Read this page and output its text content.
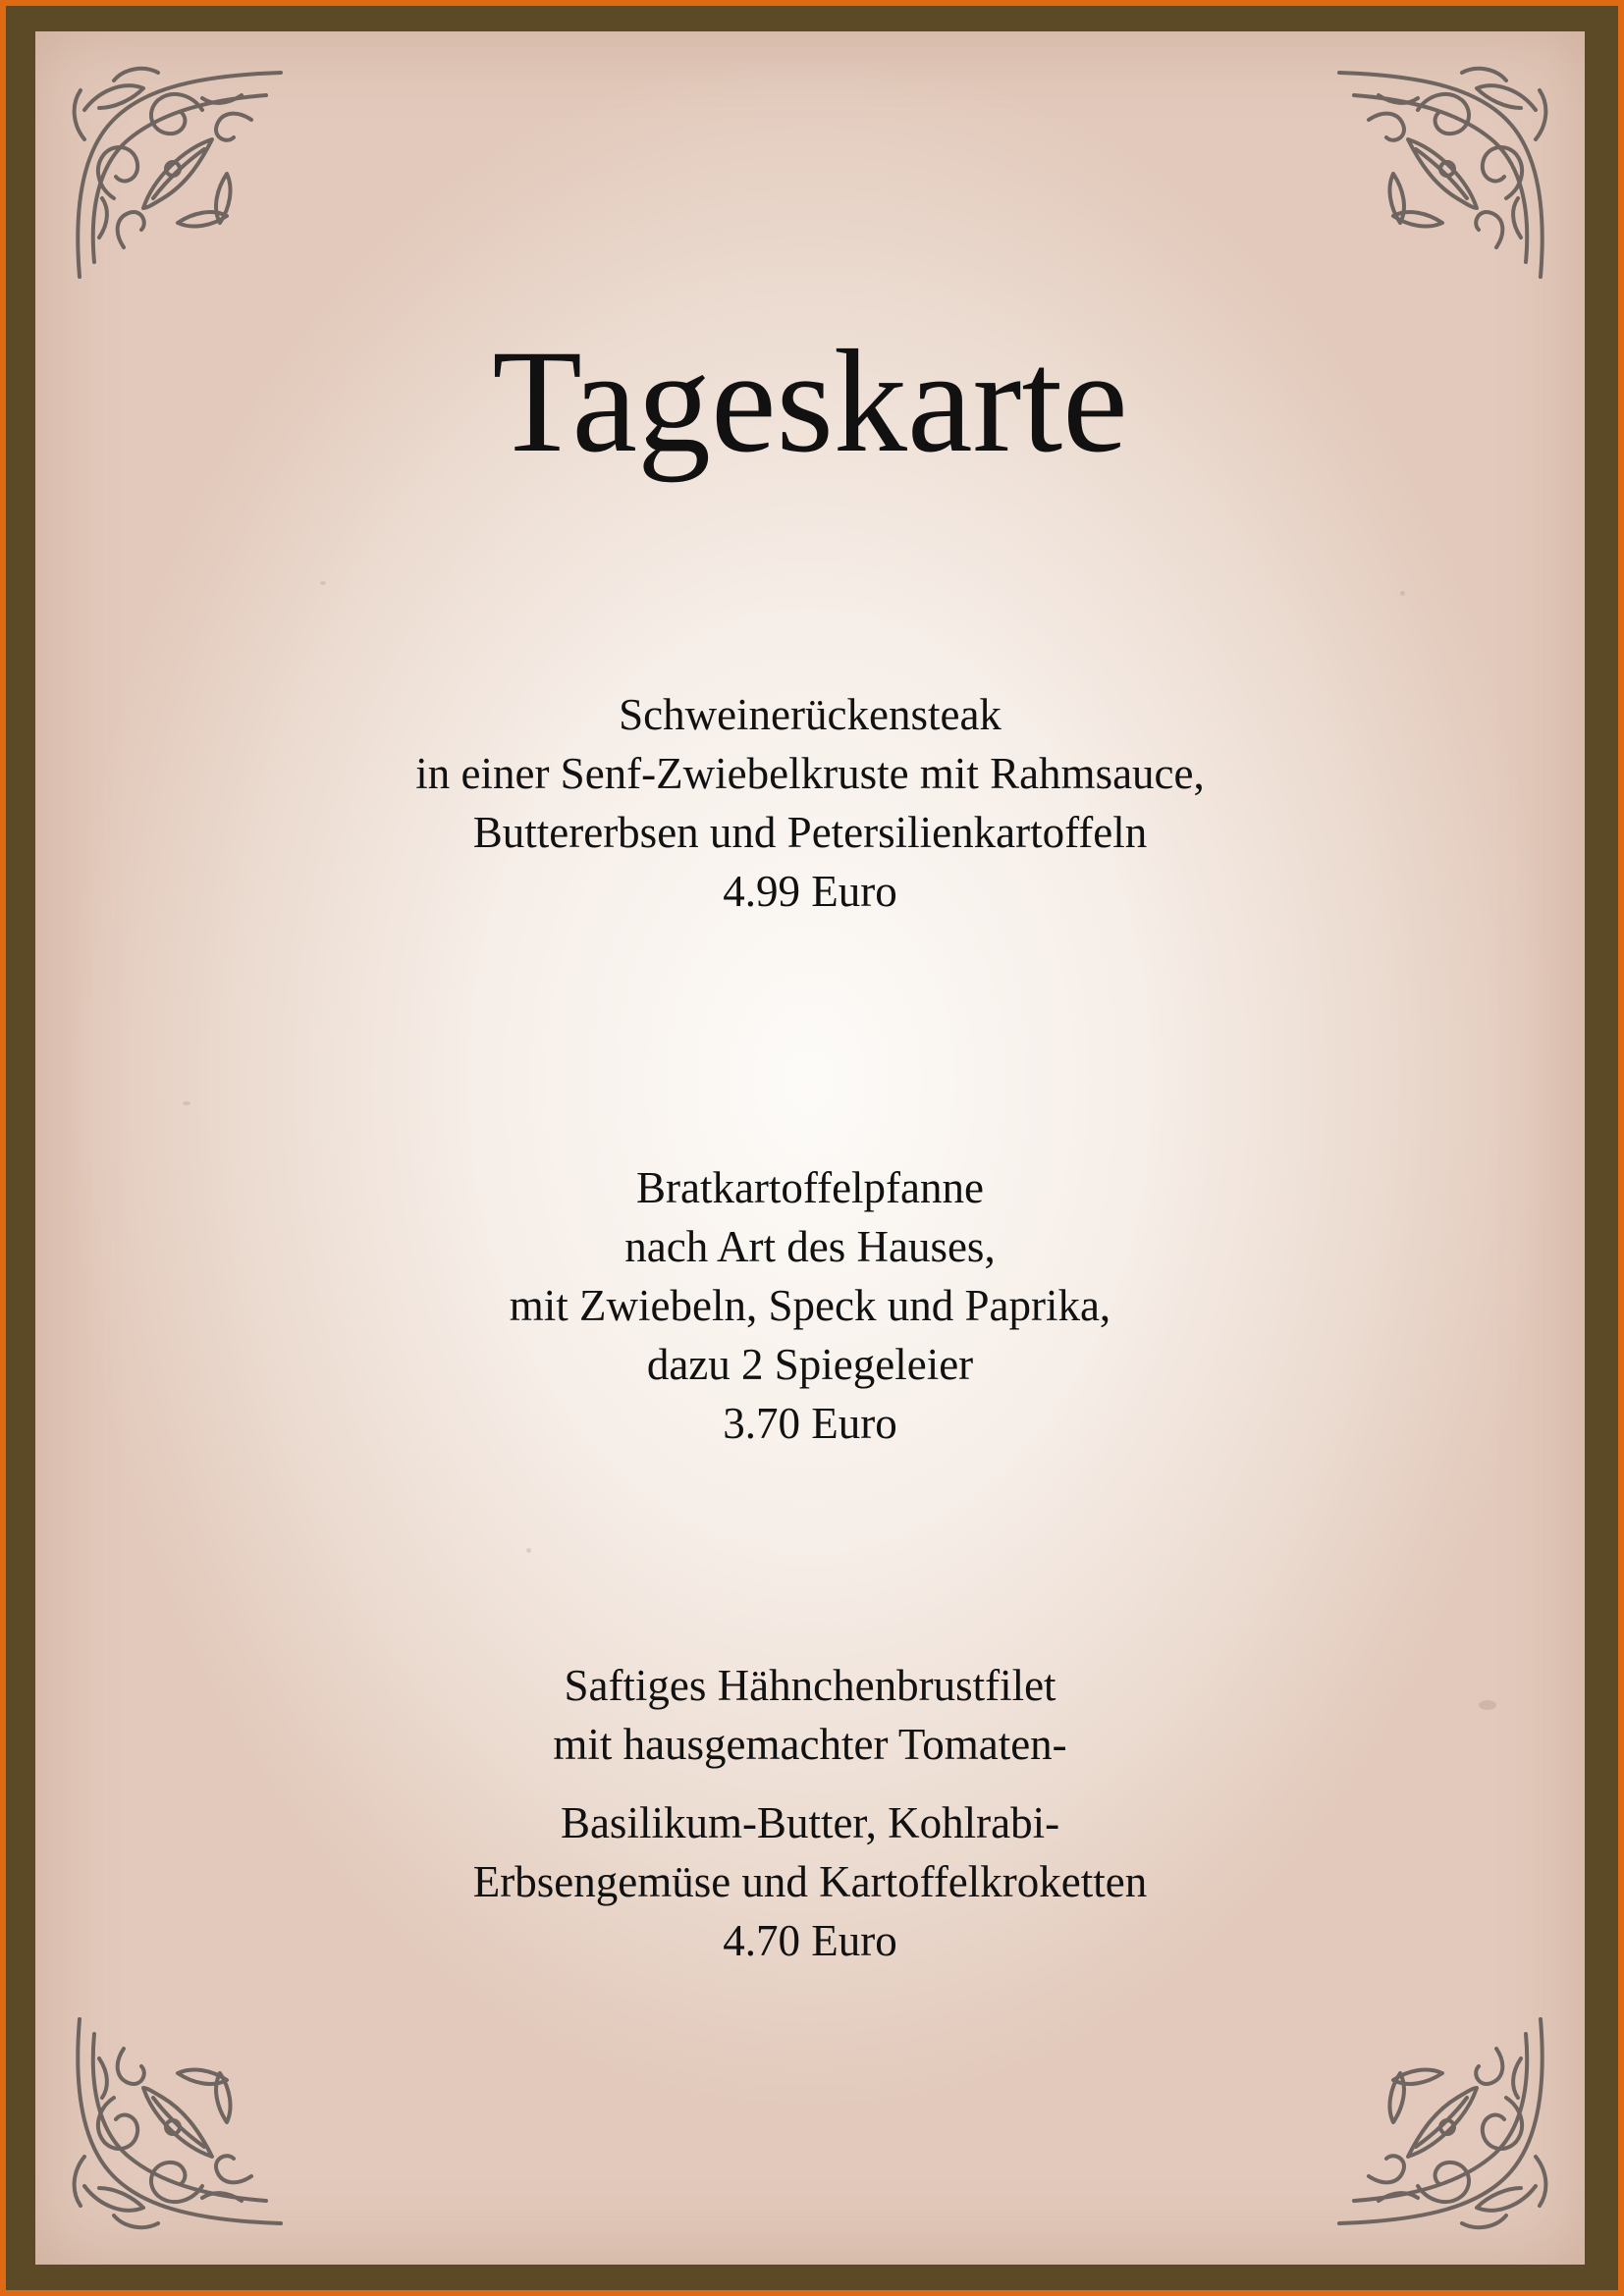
Tageskarte
Schweinerückensteak
in einer Senf-Zwiebelkruste mit Rahmsauce,
Buttererbsen und Petersilienkartoffeln
4.99 Euro
Bratkartoffelpfanne
nach Art des Hauses,
mit Zwiebeln, Speck und Paprika,
dazu 2 Spiegeleier
3.70 Euro
Saftiges Hähnchenbrustfilet
mit hausgemachter Tomaten-
Basilikum-Butter, Kohlrabi-
Erbsengemüse und Kartoffelkroketten
4.70 Euro
